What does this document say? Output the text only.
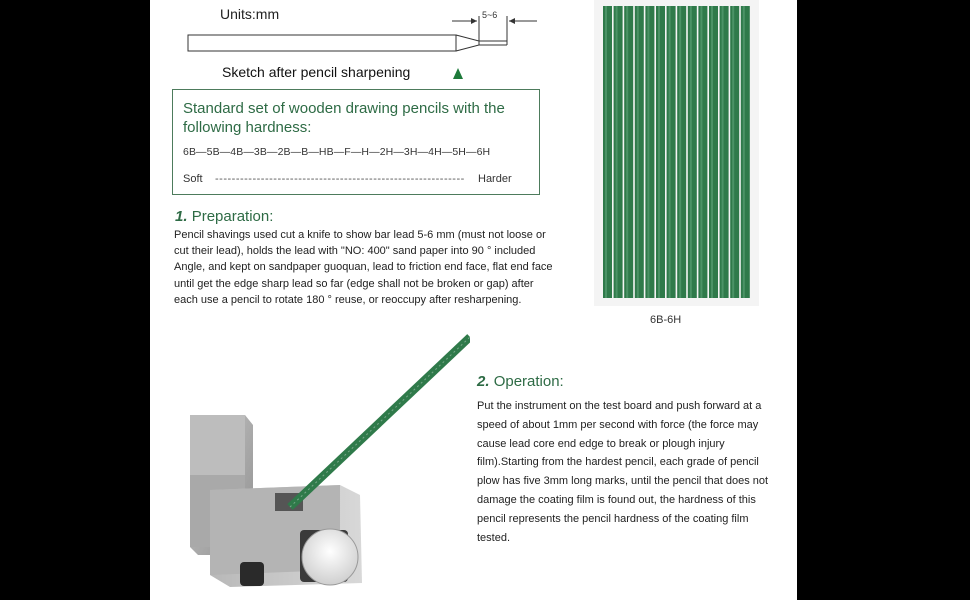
Units:mm	5~6
Sketch after pencil sharpening
Standard set of wooden drawing pencils with the following hardness:
6B—5B—4B—3B—2B—B—HB—F—H—2H—3H—4H—5H—6H
Soft ------------------------------------------------------------ Harder
1. Preparation:
Pencil shavings used cut a knife to show bar lead 5-6 mm (must not loose or cut their lead), holds the lead with "NO: 400" sand paper into 90 ° included Angle, and kept on sandpaper guoquan, lead to friction end face, flat end face until get the edge sharp lead so far (edge shall not be broken or gap) after each use a pencil to rotate 180 ° reuse, or reoccupy after resharpening.
6B-6H
2. Operation:
Put the instrument on the test board and push forward at a speed of about 1mm per second with force (the force may cause lead core end edge to break or plough injury film).Starting from the hardest pencil, each grade of pencil plow has five 3mm long marks, until the pencil that does not damage the coating film is found out, the hardness of this pencil represents the pencil hardness of the coating film tested.
